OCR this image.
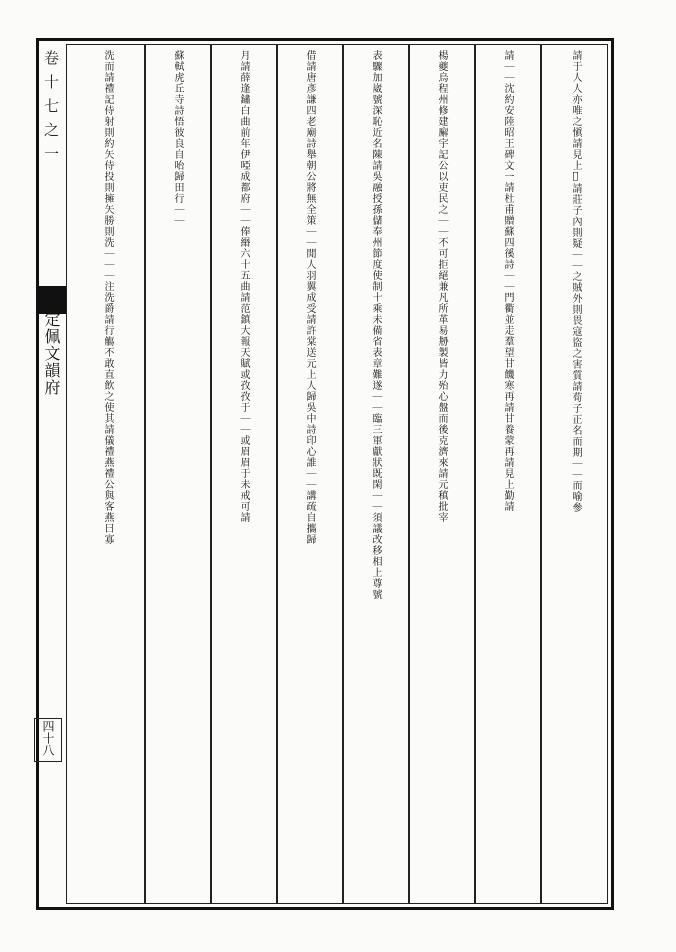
卷十七之一
欽定佩文韻府
四十八
請于人人亦唯之愼請見上𢿱請莊子內則疑｜｜之賊外則畏寇盜之害質請荀子正名而期｜｜而喻參
請｜｜沈約安陸昭王碑文一請杜甫贈蘇四徯詩｜｜門衢並走羣望甘饑寒再請甘養蒙再請見上勤請
楊夔烏程州修建廨宇記公以吏民之｜｜不可拒絕兼凡所革易刱製皆力殆心盤而後克濟來請元稹批宰
表驟加崴號深恥近名陳請吳融授孫儲奉州節度使制十乘未備省表章難遂｜｜臨三軍獻狀既閑｜｜須議改移相上尊號
借請唐彥謙四老廟詩舉朝公將無全策｜｜閒人羽翼成受請許棠送元上人歸吳中詩印心誰｜｜講疏自攜歸
月請薛逢鏽白曲前年伊啞成都府｜｜俸緡六十五曲請范鎮大報天賦或孜孜于｜｜或眉眉于未戒可請
蘇軾虎丘寺詩悟彼良自咍歸田行｜｜
洗而請禮記侍射則約矢侍投則擁矢勝則洗｜｜｜注洗爵請行觴不敢直飲之使其請儀禮燕禮公與客燕曰寡
